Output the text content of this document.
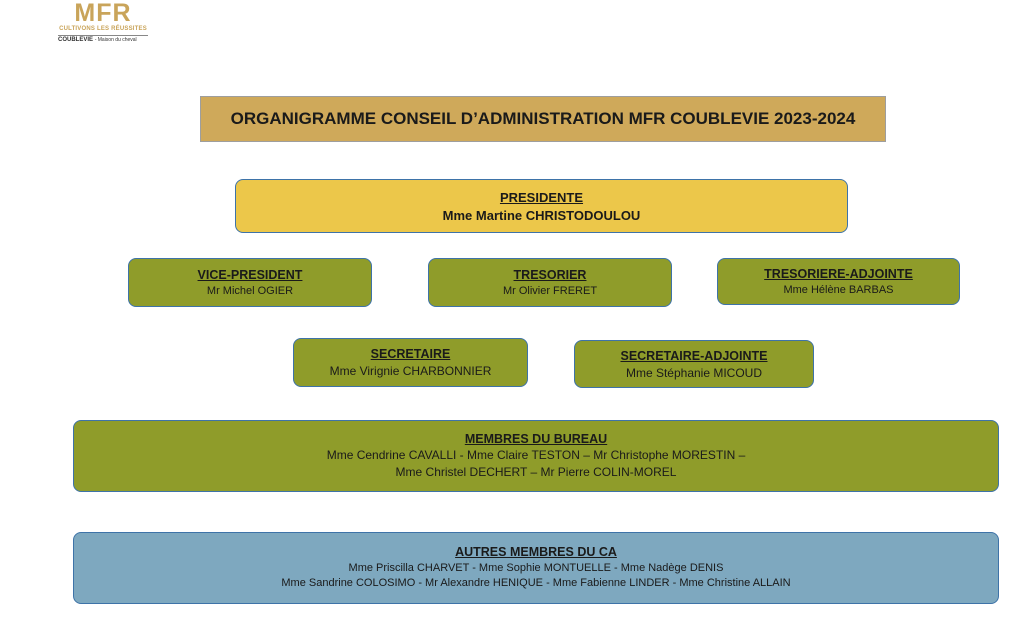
MFR
CULTIVONS LES RÉUSSITES
COUBLEVIE - Maison du cheval
ORGANIGRAMME CONSEIL D’ADMINISTRATION MFR COUBLEVIE 2023-2024
PRESIDENTE
Mme Martine CHRISTODOULOU
VICE-PRESIDENT
Mr Michel OGIER
TRESORIER
Mr Olivier FRERET
TRESORIERE-ADJOINTE
Mme Hélène BARBAS
SECRETAIRE
Mme Virignie CHARBONNIER
SECRETAIRE-ADJOINTE
Mme Stéphanie MICOUD
MEMBRES DU BUREAU
Mme Cendrine CAVALLI - Mme Claire TESTON – Mr Christophe MORESTIN –
Mme Christel DECHERT – Mr Pierre COLIN-MOREL
AUTRES MEMBRES DU CA
Mme Priscilla CHARVET - Mme Sophie MONTUELLE - Mme Nadège DENIS
Mme Sandrine COLOSIMO - Mr Alexandre HENIQUE - Mme Fabienne LINDER - Mme Christine ALLAIN
